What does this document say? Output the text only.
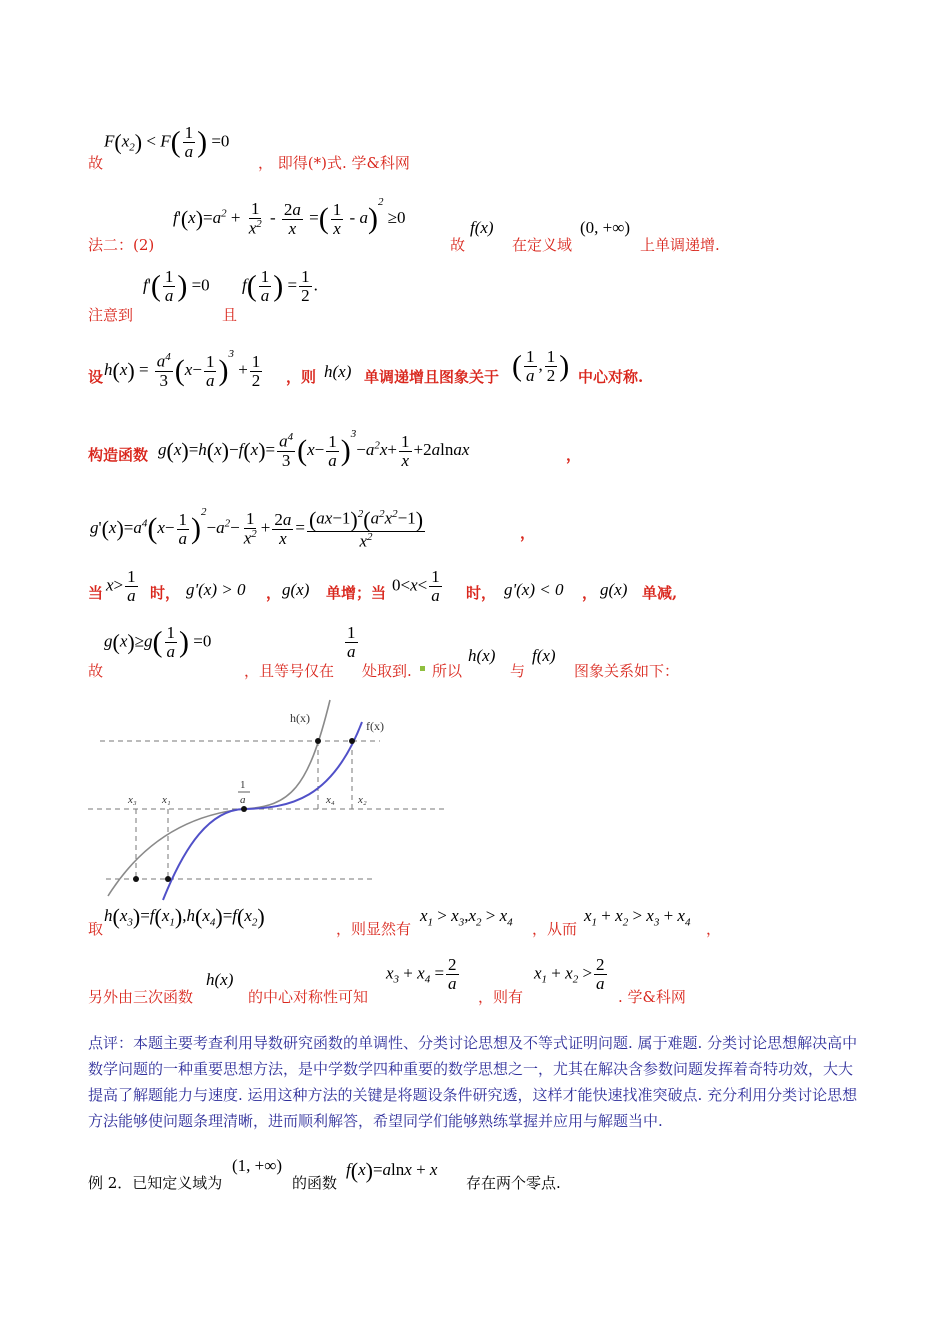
$F(x_2) < F( \frac{1}{a}$ ) =0
故	， 即得(*)式. 学&科网
$f'(x)=a^2 + \frac{1}{x^2} - \frac{2a}{x}$ =( $\frac{1}{x} - a)^2 \ge 0$
法二：(2)	故
f(x)
在定义域
(0, +∞)
上单调递增.
$f'( \frac{1}{a}$ ) =0
注意到	且
$f( \frac{1}{a}$ ) = $\frac{1}{2}$ .
设 $h(x) = \frac{a^4}{3} (x- \frac{1}{a} )^3 + \frac{1}{2}$ ，则 h(x) 单调递增且图象关于 ( $\frac{1}{a}$ , $\frac{1}{2}$ ) 中心对称.
构造函数 $g(x)=h(x)-f(x)= \frac{a^4}{3} (x- \frac{1}{a} )^3-a^2x+ \frac{1}{x}$ +2alnax	，
$g'(x)=a^4(x- \frac{1}{a} )^2-a^2- \frac{1}{x^2} + \frac{2a}{x} = \frac{(ax-1)^2(a^2x^2-1)}{x^2}$	，
当 $x> \frac{1}{a}$ 时， g'(x) > 0 ， g(x) 单增；当 $0<x< \frac{1}{a}$ 时， g'(x) < 0 ， g(x) 单减,
$g(x)\ge g( \frac{1}{a}$ ) =0
故	，且等号仅在
$\frac{1}{a}$
处取到. 所以
h(x)
与
f(x)
图象关系如下：
h(x)
f(x)
1
a
x₃ x₁	x₄ x₂
取
$h(x_3)=f(x_1),h(x_4)=f(x_2)$	，则显然有
$x_1 > x_3,x_2 > x_4$ ，从而
$x_1 + x_2 > x_3 + x_4$ ，
另外由三次函数
h(x)
的中心对称性可知
$x_3 + x_4 = \frac{2}{a}$
，则有
$x_1 + x_2 > \frac{2}{a}$
. 学&科网
点评：本题主要考查利用导数研究函数的单调性、分类讨论思想及不等式证明问题. 属于难题. 分类讨论思想解决高中数学问题的一种重要思想方法，是中学数学四种重要的数学思想之一，尤其在解决含参数问题发挥着奇特功效，大大提高了解题能力与速度. 运用这种方法的关键是将题设条件研究透，这样才能快速找准突破点. 充分利用分类讨论思想方法能够使问题条理清晰，进而顺利解答，希望同学们能够熟练掌握并应用与解题当中.
例 2．已知定义域为
(1, +∞)
的函数
f(x)=alnx + x
存在两个零点.
